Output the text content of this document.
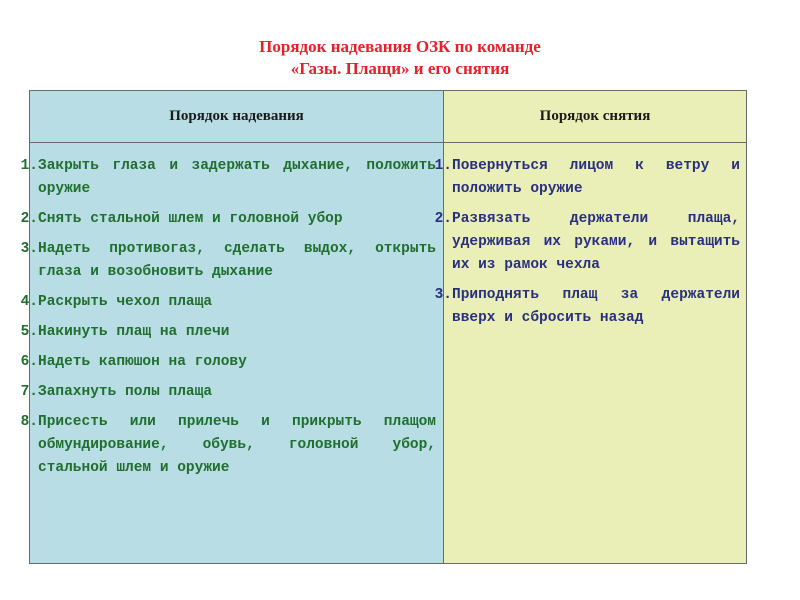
Порядок надевания ОЗК по команде
«Газы. Плащи» и его снятия
Порядок надевания
1. Закрыть глаза и задержать дыхание, положить оружие
2. Снять стальной шлем и головной убор
3. Надеть противогаз, сделать выдох, открыть глаза и возобновить дыхание
4. Раскрыть чехол плаща
5. Накинуть плащ на плечи
6. Надеть капюшон на голову
7. Запахнуть полы плаща
8. Присесть или прилечь и прикрыть плащом обмундирование, обувь, головной убор, стальной шлем и оружие
Порядок снятия
1. Повернуться лицом к ветру и положить оружие
2. Развязать держатели плаща, удерживая их руками, и вытащить их из рамок чехла
3. Приподнять плащ за держатели вверх и сбросить назад
